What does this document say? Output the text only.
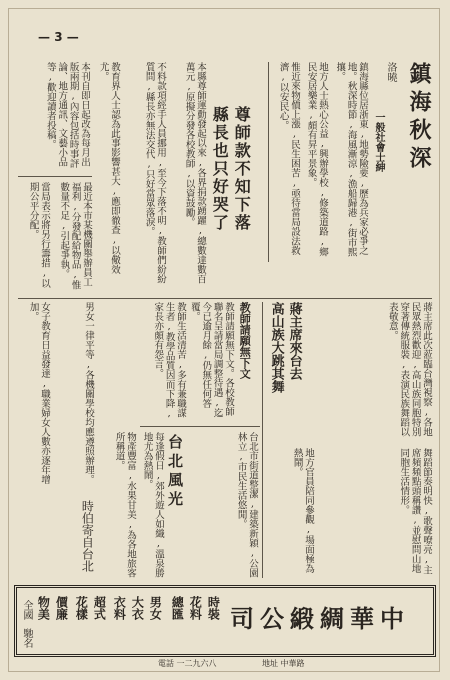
— 3 —
鎮海秋深
洛曉
一般社會士紳
鎮海縣位居浙東,地勢險要,歷為兵家必爭之地。秋深時節,海風漸涼,漁船歸港,街市熙攘。
地方人士熱心公益,興辦學校,修築道路,鄉民安居樂業,頗有昇平景象。
惟近來物價上漲,民生困苦,亟待當局設法救濟,以安民心。
尊師款不知下落
縣長也只好哭了
本縣尊師運動發起以來,各界捐款踴躍,總數達數百萬元,原擬分發各校教師,以資鼓勵。
不料款項經手人員挪用,至今下落不明,教師們紛紛質問,縣長亦無法交代,只好當眾落淚。
教育界人士認為此事影響甚大,應即徹查,以儆效尤。
本刊自即日起改為每月出版兩期,內容包括時事評論、地方通訊、文藝小品等,歡迎讀者投稿。
最近本市某機關舉辦員工福利,分發配給物品,惟數量不足,引起爭執。
當局表示將另行籌措,以期公平分配。
蔣主席來台去
高山族大跳其舞	蔣主席此次蒞臨台灣視察,各地民眾熱烈歡迎,高山族同胞特別穿著傳統服裝,表演民族舞蹈以表敬意。
舞蹈節奏明快,歌聲嘹亮,主席頻頻點頭稱讚,並慰問山地同胞生活情形。
地方官員陪同參觀,場面極為熱鬧。
教師請願無下文
教師請願無下文。各校教師聯名呈請當局調整待遇,迄今已逾月餘,仍無任何答覆。
教師生活清苦,多有兼職謀生者,教學品質因而下降,家長亦頗有怨言。
台北風光
時伯寄自台北	台北市街道整潔,建築新穎,公園林立,市民生活悠閒。
每逢假日,郊外遊人如織,溫泉勝地尤為熱鬧。
物產豐富,水果甘美,為各地旅客所稱道。
男女一律平等,各機關學校均應遵照辦理。
女子教育日益發達,職業婦女人數亦逐年增加。
中華綢緞公司
時裝
花料
總匯
男女
大衣
衣料
超式
花樣
價廉
物美
全國
馳名
電話 一二九六八	地址 中華路
